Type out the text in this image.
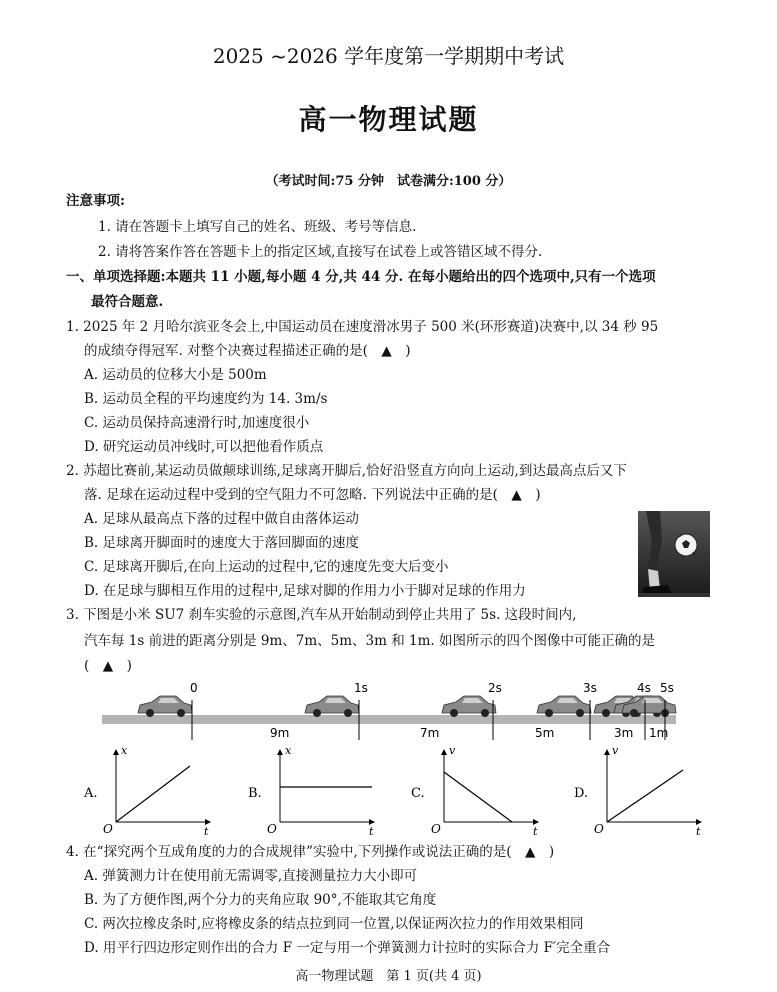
2025 ~2026 学年度第一学期期中考试
高一物理试题
（考试时间:75 分钟　试卷满分:100 分）
注意事项:
1. 请在答题卡上填写自己的姓名、班级、考号等信息.
2. 请将答案作答在答题卡上的指定区域,直接写在试卷上或答错区域不得分.
一、单项选择题:本题共 11 小题,每小题 4 分,共 44 分. 在每小题给出的四个选项中,只有一个选项
最符合题意.
1. 2025 年 2 月哈尔滨亚冬会上,中国运动员在速度滑冰男子 500 米(环形赛道)决赛中,以 34 秒 95
的成绩夺得冠军. 对整个决赛过程描述正确的是(　▲　)
A. 运动员的位移大小是 500m
B. 运动员全程的平均速度约为 14. 3m/s
C. 运动员保持高速滑行时,加速度很小
D. 研究运动员冲线时,可以把他看作质点
2. 苏超比赛前,某运动员做颠球训练,足球离开脚后,恰好沿竖直方向向上运动,到达最高点后又下
落. 足球在运动过程中受到的空气阻力不可忽略. 下列说法中正确的是(　▲　)
A. 足球从最高点下落的过程中做自由落体运动
B. 足球离开脚面时的速度大于落回脚面的速度
C. 足球离开脚后,在向上运动的过程中,它的速度先变大后变小
D. 在足球与脚相互作用的过程中,足球对脚的作用力小于脚对足球的作用力
3. 下图是小米 SU7 刹车实验的示意图,汽车从开始制动到停止共用了 5s. 这段时间内,
汽车每 1s 前进的距离分别是 9m、7m、5m、3m 和 1m. 如图所示的四个图像中可能正确的是
(　▲　)
0	1s	2s	3s	4s 5s
9m	7m	5m	3m 1m
A.
x
t
O
B.
x
t
O
C.
v
t
O
D.
v
t
O
4. 在“探究两个互成角度的力的合成规律”实验中,下列操作或说法正确的是(　▲　)
A. 弹簧测力计在使用前无需调零,直接测量拉力大小即可
B. 为了方便作图,两个分力的夹角应取 90°,不能取其它角度
C. 两次拉橡皮条时,应将橡皮条的结点拉到同一位置,以保证两次拉力的作用效果相同
D. 用平行四边形定则作出的合力 F 一定与用一个弹簧测力计拉时的实际合力 F′完全重合
高一物理试题　第 1 页(共 4 页)
